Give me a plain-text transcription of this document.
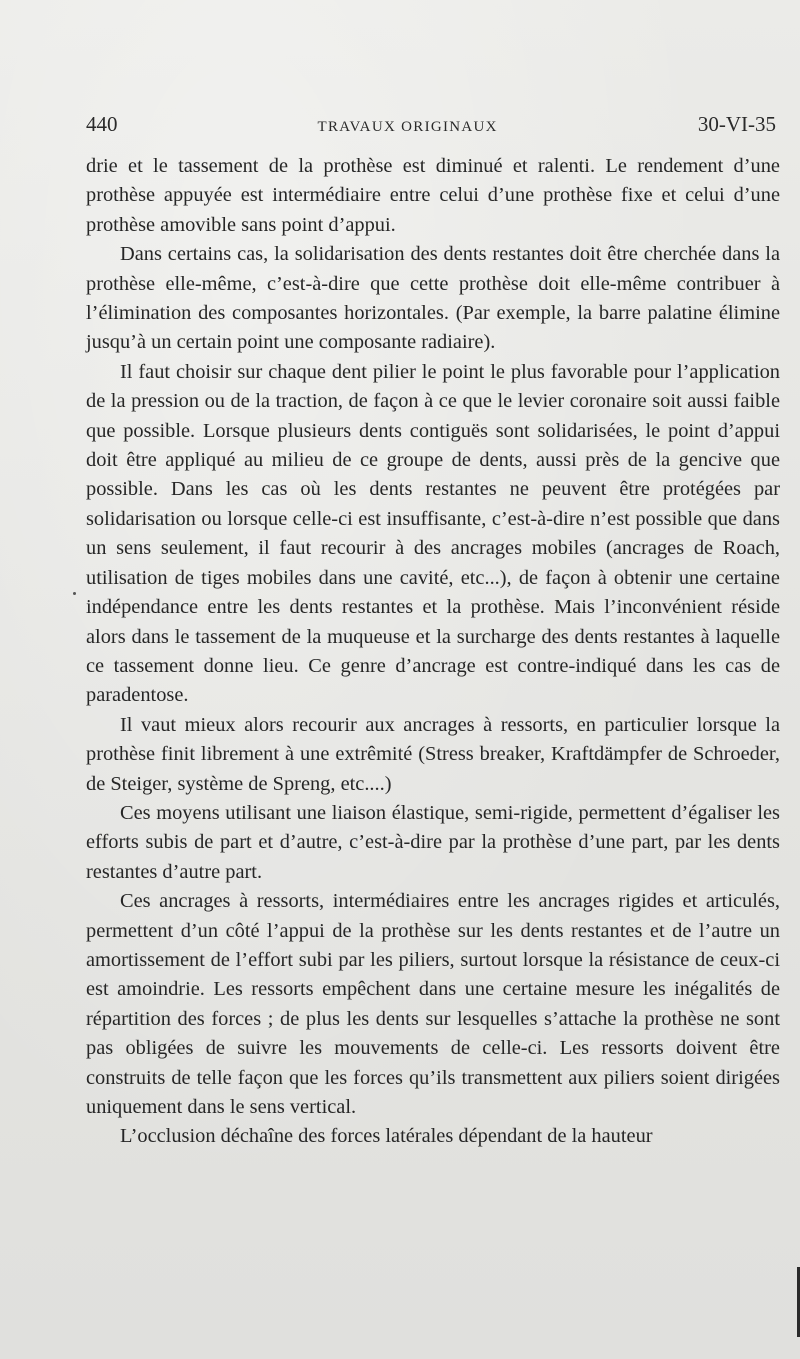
440	TRAVAUX ORIGINAUX	30-VI-35

drie et le tassement de la prothèse est diminué et ralenti. Le rendement d’une prothèse appuyée est intermédiaire entre celui d’une prothèse fixe et celui d’une prothèse amovible sans point d’appui.

Dans certains cas, la solidarisation des dents restantes doit être cherchée dans la prothèse elle-même, c’est-à-dire que cette prothèse doit elle-même contribuer à l’élimination des composantes horizontales. (Par exemple, la barre palatine élimine jusqu’à un certain point une composante radiaire).

Il faut choisir sur chaque dent pilier le point le plus favorable pour l’application de la pression ou de la traction, de façon à ce que le levier coronaire soit aussi faible que possible. Lorsque plusieurs dents contiguës sont solidarisées, le point d’appui doit être appliqué au milieu de ce groupe de dents, aussi près de la gencive que possible. Dans les cas où les dents restantes ne peuvent être protégées par solidarisation ou lorsque celle-ci est insuffisante, c’est-à-dire n’est possible que dans un sens seulement, il faut recourir à des ancrages mobiles (ancrages de Roach, utilisation de tiges mobiles dans une cavité, etc...), de façon à obtenir une certaine indépendance entre les dents restantes et la prothèse. Mais l’inconvénient réside alors dans le tassement de la muqueuse et la surcharge des dents restantes à laquelle ce tassement donne lieu. Ce genre d’ancrage est contre-indiqué dans les cas de paradentose.

Il vaut mieux alors recourir aux ancrages à ressorts, en particulier lorsque la prothèse finit librement à une extrêmité (Stress breaker, Kraftdämpfer de Schroeder, de Steiger, système de Spreng, etc....)

Ces moyens utilisant une liaison élastique, semi-rigide, permettent d’égaliser les efforts subis de part et d’autre, c’est-à-dire par la prothèse d’une part, par les dents restantes d’autre part.

Ces ancrages à ressorts, intermédiaires entre les ancrages rigides et articulés, permettent d’un côté l’appui de la prothèse sur les dents restantes et de l’autre un amortissement de l’effort subi par les piliers, surtout lorsque la résistance de ceux-ci est amoindrie. Les ressorts empêchent dans une certaine mesure les inégalités de répartition des forces ; de plus les dents sur lesquelles s’attache la prothèse ne sont pas obligées de suivre les mouvements de celle-ci. Les ressorts doivent être construits de telle façon que les forces qu’ils transmettent aux piliers soient dirigées uniquement dans le sens vertical.

L’occlusion déchaîne des forces latérales dépendant de la hauteur
